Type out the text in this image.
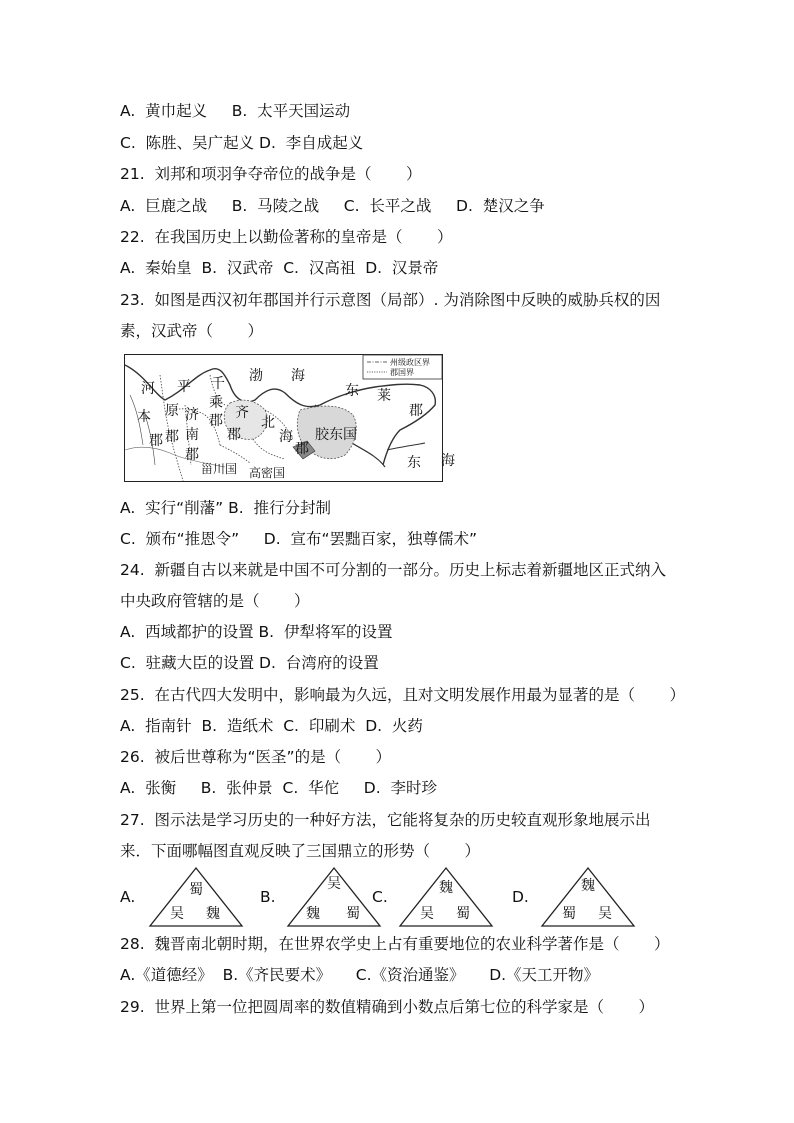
A.  黄巾起义     B.  太平天国运动
C.  陈胜、吴广起义 D.  李自成起义
21.  刘邦和项羽争夺帝位的战争是（       ）
A.  巨鹿之战     B.  马陵之战     C.  长平之战     D.  楚汉之争
22.  在我国历史上以勤俭著称的皇帝是（       ）
A.  秦始皇  B.  汉武帝  C.  汉高祖  D.  汉景帝
23.  如图是西汉初年郡国并行示意图（局部）. 为消除图中反映的威胁兵权的因
素，汉武帝（       ）
州级政区界
郡国界
河
本
郡
平
原
郡
千
乘
郡
济
南
郡
齐
郡
渤 海
北
海
郡
胶东国
东 莱
郡
东 海
甾川国 高密国
A.  实行“削藩” B.  推行分封制
C.  颁布“推恩令”     D.  宣布“罢黜百家，独尊儒术”
24.  新疆自古以来就是中国不可分割的一部分。历史上标志着新疆地区正式纳入
中央政府管辖的是（       ）
A.  西域都护的设置 B.  伊犁将军的设置
C.  驻藏大臣的设置 D.  台湾府的设置
25.  在古代四大发明中，影响最为久远，且对文明发展作用最为显著的是（       ）
A.  指南针  B.  造纸术  C.  印刷术  D.  火药
26.  被后世尊称为“医圣”的是（       ）
A.  张衡     B.  张仲景  C.  华佗     D.  李时珍
27.  图示法是学习历史的一种好方法，它能将复杂的历史较直观形象地展示出
来．下面哪幅图直观反映了三国鼎立的形势（       ）
A.	蜀
吴 魏
B.
吴
魏 蜀
C.	魏
吴 蜀
D.
魏
蜀 吴
28.  魏晋南北朝时期，在世界农学史上占有重要地位的农业科学著作是（       ）
A.《道德经》  B.《齐民要术》     C.《资治通鉴》     D.《天工开物》
29.  世界上第一位把圆周率的数值精确到小数点后第七位的科学家是（       ）
